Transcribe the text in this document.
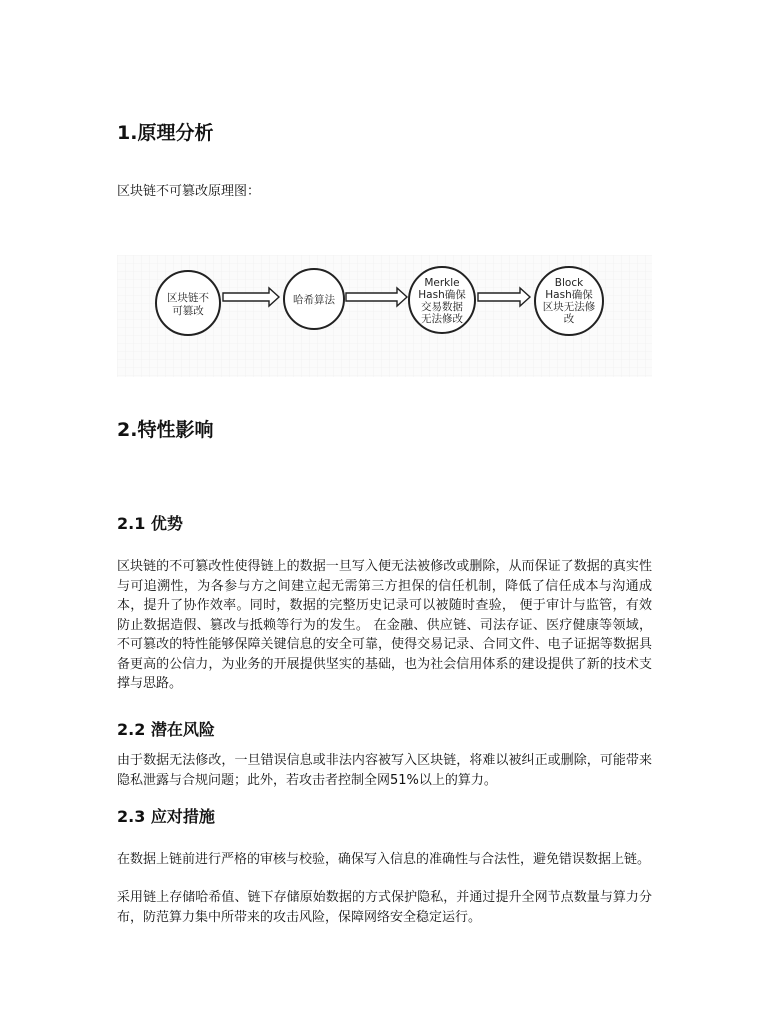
1.原理分析

区块链不可篡改原理图：

区块链不
可篡改
哈希算法
Merkle
Hash确保
交易数据
无法修改
Block
Hash确保
区块无法修
改
2.特性影响
2.1 优势

区块链的不可篡改性使得链上的数据一旦写入便无法被修改或删除，从而保证了数据的真实性与可追溯性，为各参与方之间建立起无需第三方担保的信任机制，降低了信任成本与沟通成本，提升了协作效率。同时，数据的完整历史记录可以被随时查验， 便于审计与监管，有效防止数据造假、篡改与抵赖等行为的发生。 在金融、供应链、司法存证、医疗健康等领域，不可篡改的特性能够保障关键信息的安全可靠，使得交易记录、合同文件、电子证据等数据具备更高的公信力，为业务的开展提供坚实的基础，也为社会信用体系的建设提供了新的技术支撑与思路。

2.2 潜在风险

由于数据无法修改，一旦错误信息或非法内容被写入区块链，将难以被纠正或删除，可能带来隐私泄露与合规问题；此外，若攻击者控制全网51%以上的算力。

2.3 应对措施

在数据上链前进行严格的审核与校验，确保写入信息的准确性与合法性，避免错误数据上链。

采用链上存储哈希值、链下存储原始数据的方式保护隐私，并通过提升全网节点数量与算力分布，防范算力集中所带来的攻击风险，保障网络安全稳定运行。
